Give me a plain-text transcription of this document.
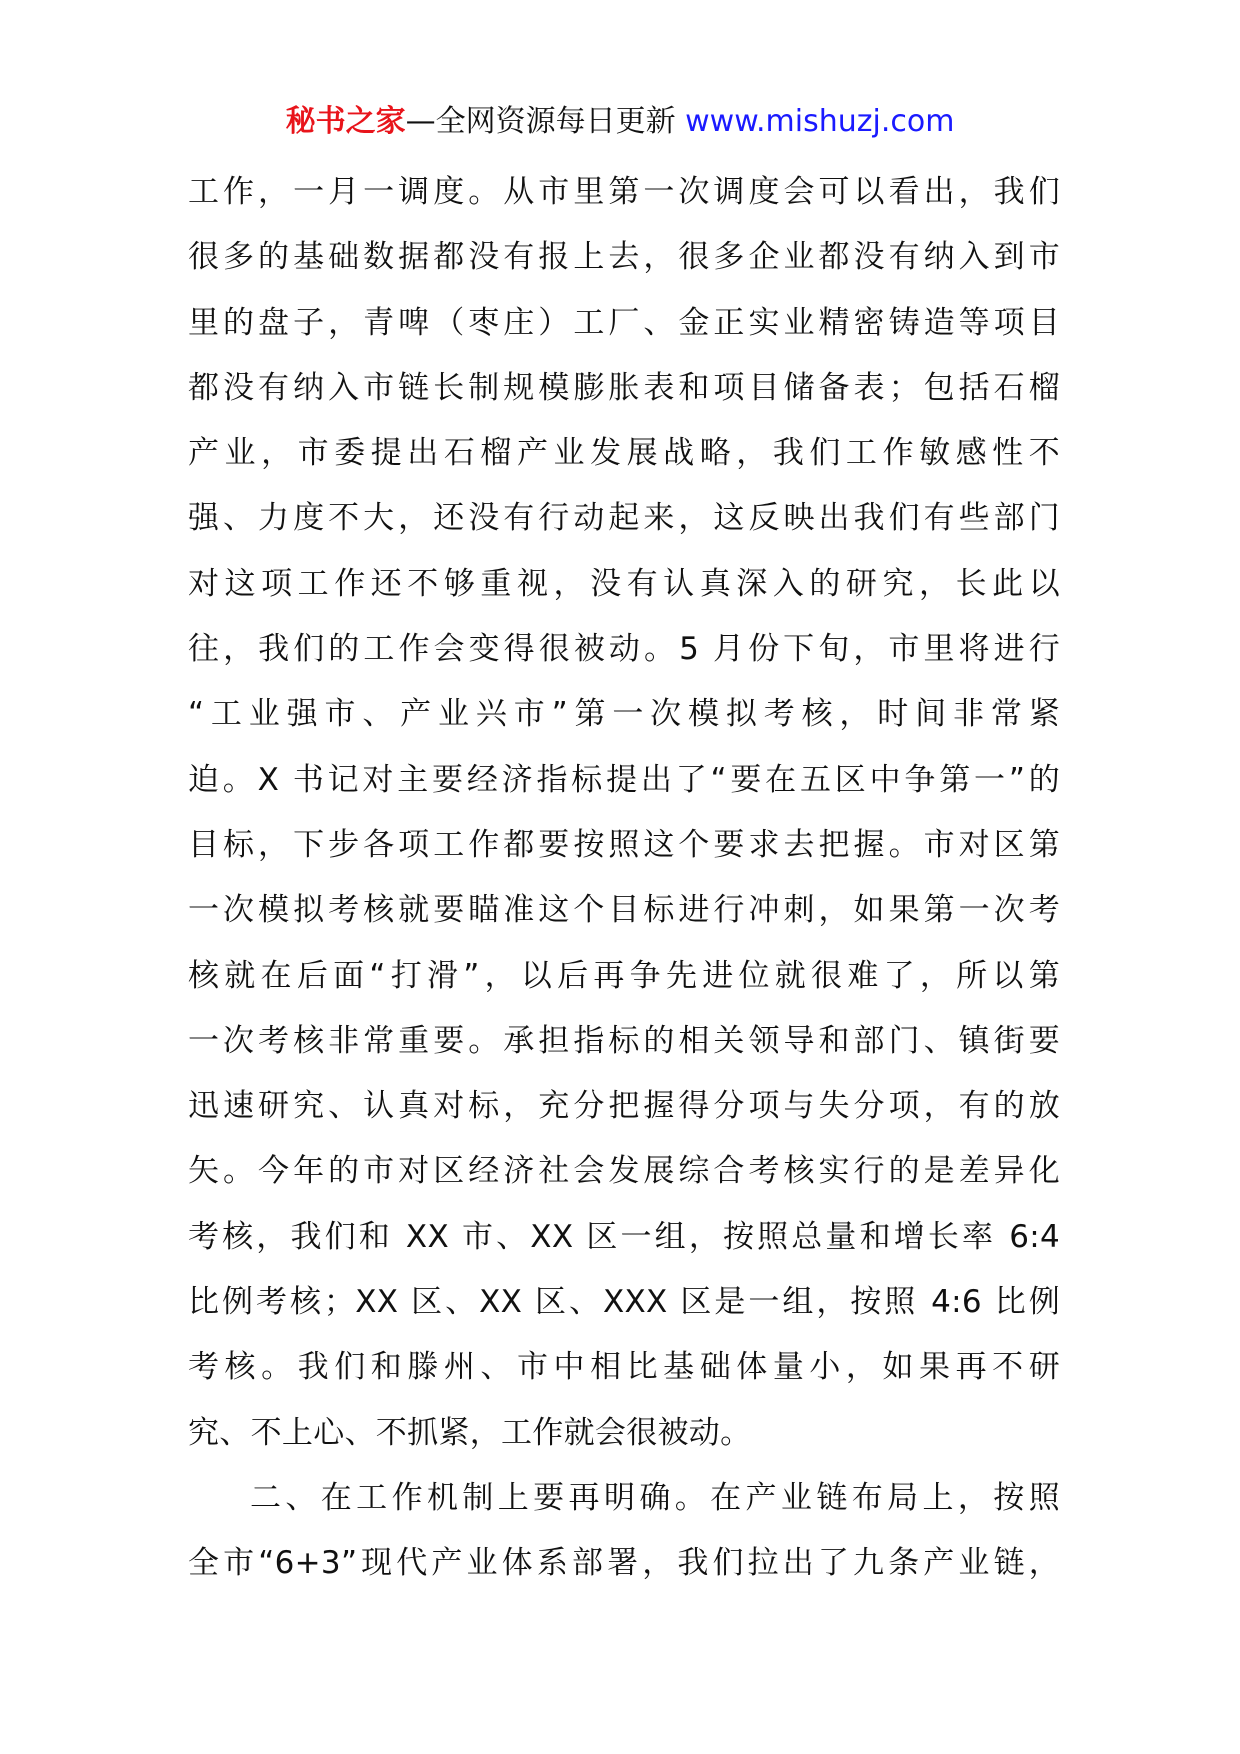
秘书之家—全网资源每日更新 www.mishuzj.com

工作，一月一调度。从市里第一次调度会可以看出，我们
很多的基础数据都没有报上去，很多企业都没有纳入到市
里的盘子，青啤（枣庄）工厂、金正实业精密铸造等项目
都没有纳入市链长制规模膨胀表和项目储备表；包括石榴
产业，市委提出石榴产业发展战略，我们工作敏感性不
强、力度不大，还没有行动起来，这反映出我们有些部门
对这项工作还不够重视，没有认真深入的研究，长此以
往，我们的工作会变得很被动。5 月份下旬，市里将进行
“工业强市、产业兴市”第一次模拟考核，时间非常紧
迫。X 书记对主要经济指标提出了“要在五区中争第一”的
目标，下步各项工作都要按照这个要求去把握。市对区第
一次模拟考核就要瞄准这个目标进行冲刺，如果第一次考
核就在后面“打滑”，以后再争先进位就很难了，所以第
一次考核非常重要。承担指标的相关领导和部门、镇街要
迅速研究、认真对标，充分把握得分项与失分项，有的放
矢。今年的市对区经济社会发展综合考核实行的是差异化
考核，我们和 XX 市、XX 区一组，按照总量和增长率 6:4
比例考核；XX 区、XX 区、XXX 区是一组，按照 4:6 比例
考核。我们和滕州、市中相比基础体量小，如果再不研
究、不上心、不抓紧，工作就会很被动。

二、在工作机制上要再明确。在产业链布局上，按照
全市“6+3”现代产业体系部署，我们拉出了九条产业链，
